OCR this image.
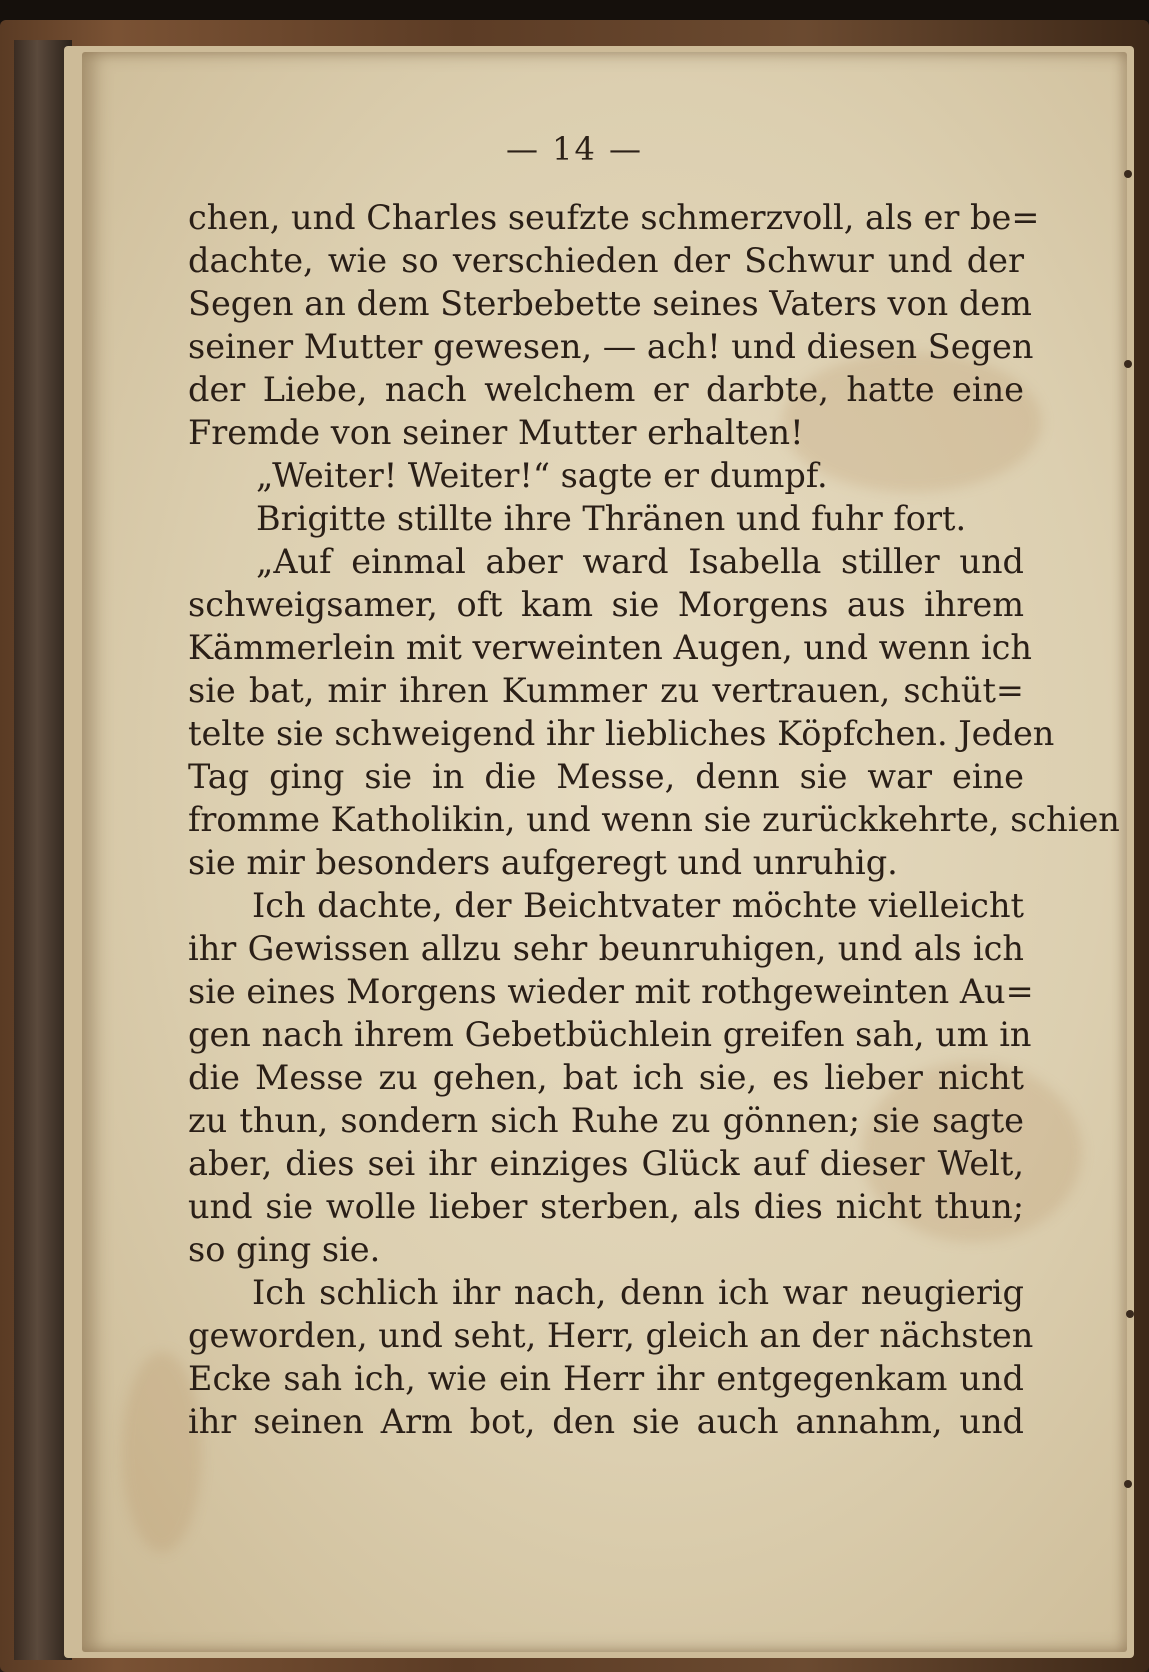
— 14 —
chen, und Charles seufzte schmerzvoll, als er be=
dachte, wie so verschieden der Schwur und der
Segen an dem Sterbebette seines Vaters von dem
seiner Mutter gewesen, — ach! und diesen Segen
der Liebe, nach welchem er darbte, hatte eine
Fremde von seiner Mutter erhalten!
„Weiter! Weiter!“ sagte er dumpf.
Brigitte stillte ihre Thränen und fuhr fort.
„Auf einmal aber ward Isabella stiller und
schweigsamer, oft kam sie Morgens aus ihrem
Kämmerlein mit verweinten Augen, und wenn ich
sie bat, mir ihren Kummer zu vertrauen, schüt=
telte sie schweigend ihr liebliches Köpfchen. Jeden
Tag ging sie in die Messe, denn sie war eine
fromme Katholikin, und wenn sie zurückkehrte, schien
sie mir besonders aufgeregt und unruhig.
Ich dachte, der Beichtvater möchte vielleicht
ihr Gewissen allzu sehr beunruhigen, und als ich
sie eines Morgens wieder mit rothgeweinten Au=
gen nach ihrem Gebetbüchlein greifen sah, um in
die Messe zu gehen, bat ich sie, es lieber nicht
zu thun, sondern sich Ruhe zu gönnen; sie sagte
aber, dies sei ihr einziges Glück auf dieser Welt,
und sie wolle lieber sterben, als dies nicht thun;
so ging sie.
Ich schlich ihr nach, denn ich war neugierig
geworden, und seht, Herr, gleich an der nächsten
Ecke sah ich, wie ein Herr ihr entgegenkam und
ihr seinen Arm bot, den sie auch annahm, und
